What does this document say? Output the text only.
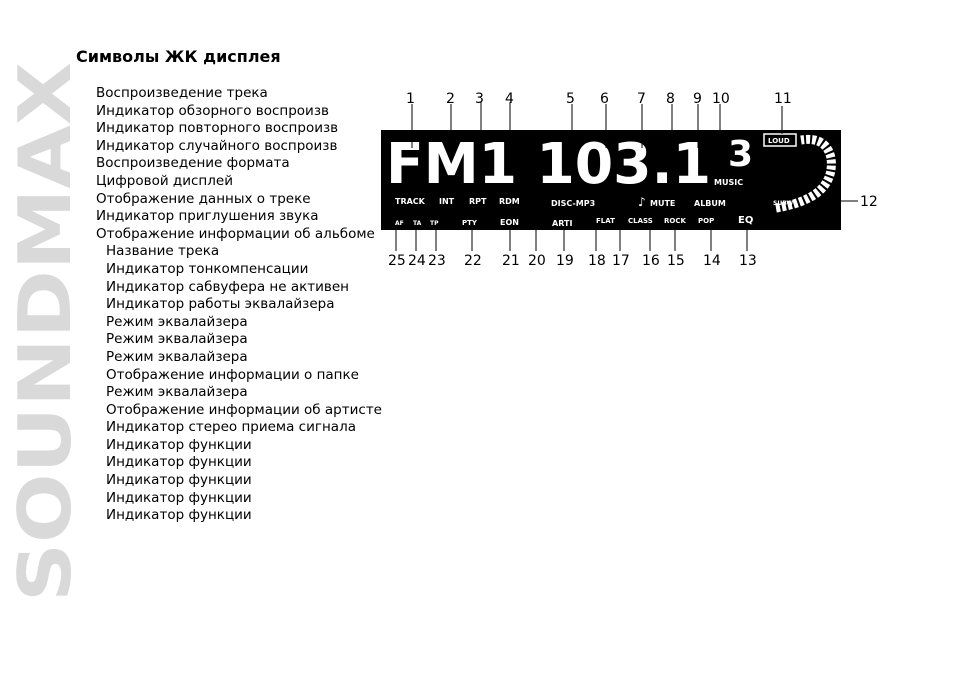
SOUNDMAX
Символы ЖК дисплея
Воспроизведение трека
Индикатор обзорного воспроизв
Индикатор повторного воспроизв
Индикатор случайного воспроизв
Воспроизведение формата
Цифровой дисплей
Отображение данных о треке
Индикатор приглушения звука
Отображение информации об альбоме
Название трека
Индикатор тонкомпенсации
Индикатор сабвуфера не активен
Индикатор работы эквалайзера
Режим эквалайзера
Режим эквалайзера
Режим эквалайзера
Отображение информации о папке
Режим эквалайзера
Отображение информации об артисте
Индикатор стерео приема сигнала
Индикатор функции
Индикатор функции
Индикатор функции
Индикатор функции
Индикатор функции
FM1 103.1 3 LOUD
SUBW
MUSIC
EQ
TRACK INT RPT RDM	DISC-MP3	♪ MUTE ALBUM
AF TA TP	PTY	EON	ARTI	FLAT CLASS ROCK POP
1 2 3 4	5 6 7 8 9 10	11
12
25 24 23 22 21 20 19 18 17 16 15 14 13
